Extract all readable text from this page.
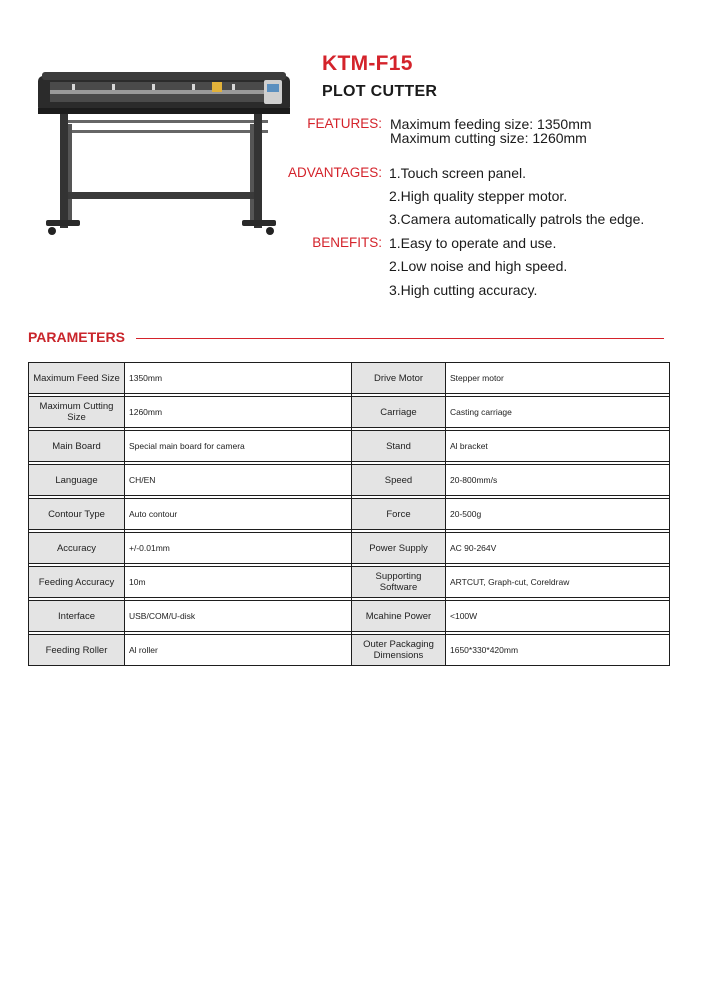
KTM-F15
PLOT CUTTER
FEATURES: Maximum feeding size: 1350mm
Maximum cutting size: 1260mm
ADVANTAGES: 1.Touch screen panel.
2.High quality stepper motor.
3.Camera automatically patrols the edge.
BENEFITS: 1.Easy to operate and use.
2.Low noise and high speed.
3.High cutting accuracy.
PARAMETERS
Maximum Feed Size	1350mm	Drive Motor	Stepper motor

Maximum Cutting Size	1260mm	Carriage	Casting carriage

Main Board	Special main board for camera	Stand	Al bracket

Language	CH/EN	Speed	20-800mm/s

Contour Type	Auto contour	Force	20-500g

Accuracy	+/-0.01mm	Power Supply	AC 90-264V

Feeding Accuracy	10m	Supporting Software	ARTCUT, Graph-cut, Coreldraw

Interface	USB/COM/U-disk	Mcahine Power	<100W

Feeding Roller	Al roller	Outer Packaging Dimensions	1650*330*420mm
